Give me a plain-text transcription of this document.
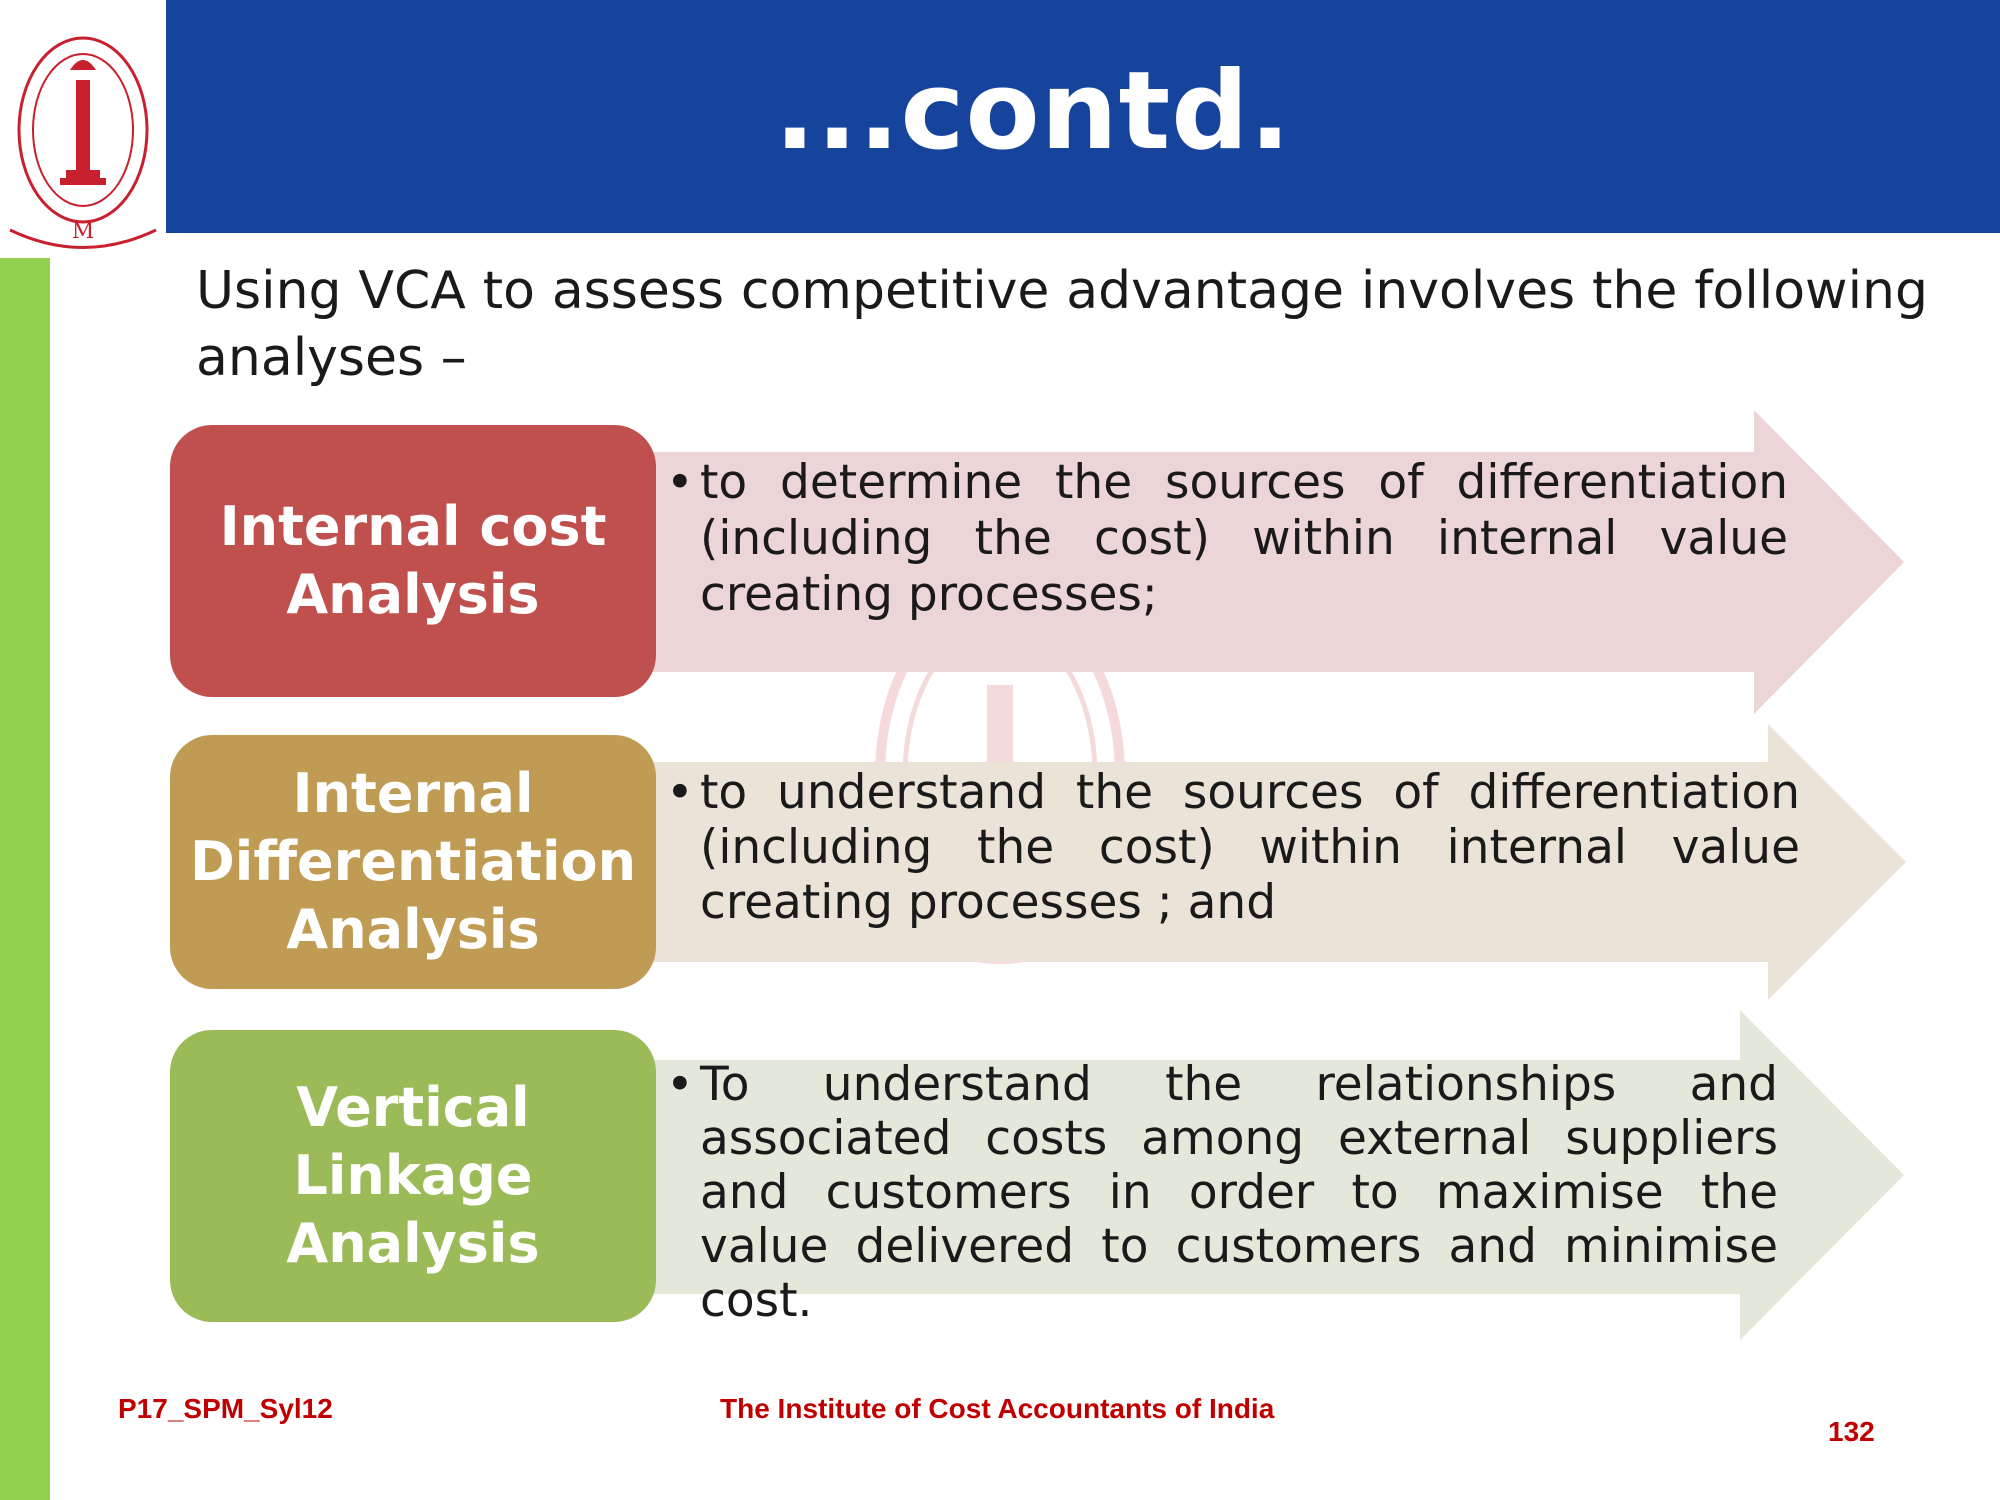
M
...contd.
Using VCA to assess competitive advantage involves the following analyses –
Internal cost
Analysis
Internal
Differentiation
Analysis
Vertical
Linkage
Analysis
• to determine the sources of differentiation (including the cost) within internal value creating processes;
• to understand the sources of differentiation (including the cost) within internal value creating processes ; and
• To understand the relationships and associated costs among external suppliers and customers in order to maximise the value delivered to customers and minimise cost.
P17_SPM_Syl12	The Institute of Cost Accountants of India
132
